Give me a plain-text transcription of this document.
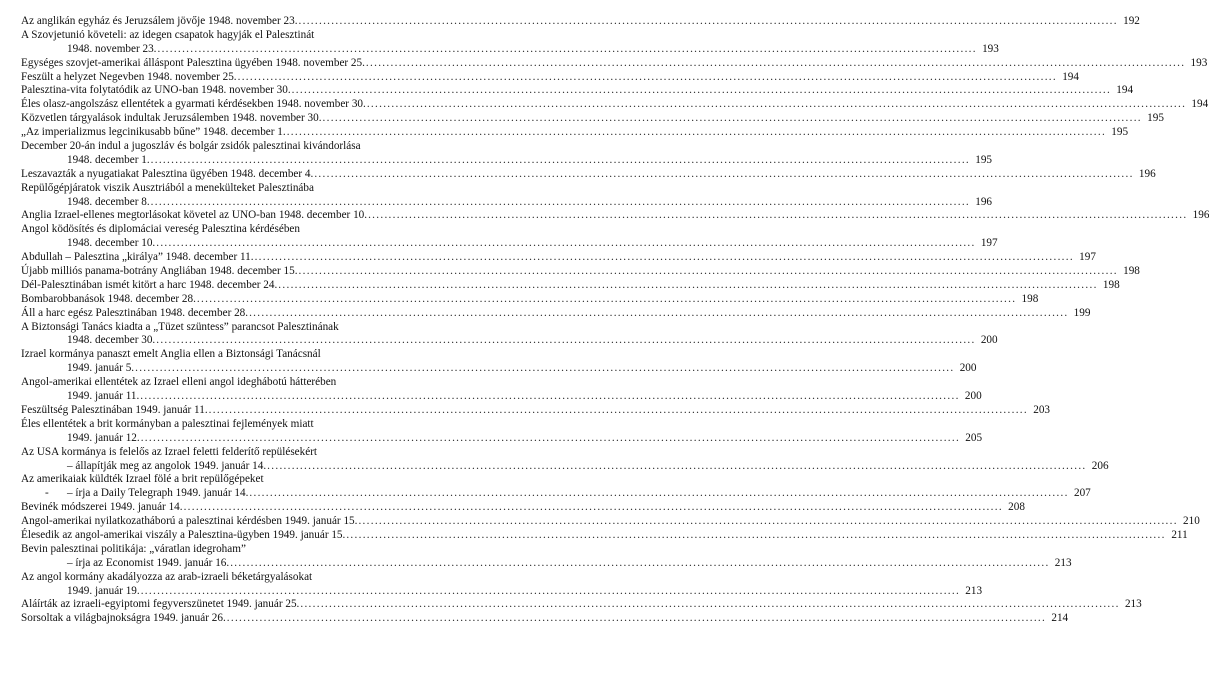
Az anglikán egyház és Jeruzsálem jövője 1948. november 23. .....	192
A Szovjetunió követeli: az idegen csapatok hagyják el Palesztinát
1948. november 23. .....	193
Egységes szovjet-amerikai álláspont Palesztina ügyében 1948. november 25. .....	193
Feszült a helyzet Negevben 1948. november 25. .....	194
Palesztina-vita folytatódik az UNO-ban 1948. november 30. .....	194
Éles olasz-angolszász ellentétek a gyarmati kérdésekben 1948. november 30. .....	194
Közvetlen tárgyalások indultak Jeruzsálemben 1948. november 30. .....	195
„Az imperializmus legcinikusabb bűne” 1948. december 1. .....	195
December 20-án indul a jugoszláv és bolgár zsidók palesztinai kivándorlása
1948. december 1. .....	195
Leszavazták a nyugatiakat Palesztina ügyében 1948. december 4. .....	196
Repülőgépjáratok viszik Ausztriából a menekülteket Palesztinába
1948. december 8. .....	196
Anglia Izrael-ellenes megtorlásokat követel az UNO-ban 1948. december 10. .....	196
Angol ködösítés és diplomáciai vereség Palesztina kérdésében
1948. december 10. .....	197
Abdullah – Palesztina „királya” 1948. december 11. .....	197
Újabb milliós panama-botrány Angliában 1948. december 15. .....	198
Dél-Palesztinában ismét kitört a harc 1948. december 24. .....	198
Bombarobbanások 1948. december 28. .....	198
Áll a harc egész Palesztinában 1948. december 28. .....	199
A Biztonsági Tanács kiadta a „Tüzet szüntess” parancsot Palesztinának
1948. december 30. .....	200
Izrael kormánya panaszt emelt Anglia ellen a Biztonsági Tanácsnál
1949. január 5. .....	200
Angol-amerikai ellentétek az Izrael elleni angol ideghábotú hátterében
1949. január 11. .....	200
Feszültség Palesztinában 1949. január 11. .....	203
Éles ellentétek a brit kormányban a palesztinai fejlemények miatt
1949. január 12. .....	205
Az USA kormánya is felelős az Izrael feletti felderítő repülésekért
– állapítják meg az angolok 1949. január 14. .....	206
Az amerikaiak küldték Izrael fölé a brit repülőgépeket
- – írja a Daily Telegraph 1949. január 14. .....	207
Bevinék módszerei 1949. január 14. .....	208
Angol-amerikai nyilatkozatháború a palesztinai kérdésben 1949. január 15. .....	210
Élesedik az angol-amerikai viszály a Palesztina-ügyben 1949. január 15. .....	211
Bevin palesztinai politikája: „váratlan idegroham”
– írja az Economist 1949. január 16. .....	213
Az angol kormány akadályozza az arab-izraeli béketárgyalásokat
1949. január 19. .....	213
Aláírták az izraeli-egyiptomi fegyverszünetet 1949. január 25. .....	213
Sorsoltak a világbajnokságra 1949. január 26. .....	214
